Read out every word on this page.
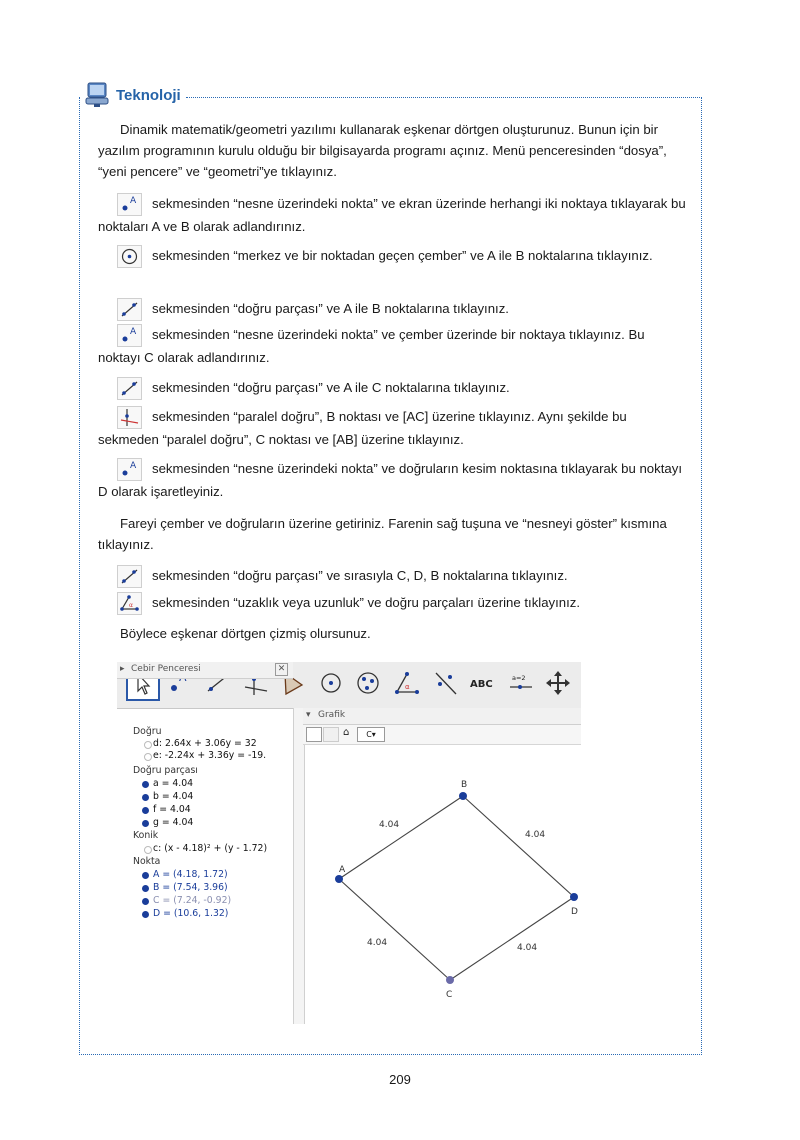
Teknoloji
Dinamik matematik/geometri yazılımı kullanarak eşkenar dörtgen oluşturunuz. Bunun için bir yazılım programının kurulu olduğu bir bilgisayarda programı açınız. Menü penceresinden “dosya”, “yeni pencere” ve “geometri”ye tıklayınız.
A sekmesinden “nesne üzerindeki nokta” ve ekran üzerinde herhangi iki noktaya tıklayarak bu noktaları A ve B olarak adlandırınız.
sekmesinden “merkez ve bir noktadan geçen çember” ve A ile B noktalarına tıklayınız.
sekmesinden “doğru parçası” ve A ile B noktalarına tıklayınız.
A sekmesinden “nesne üzerindeki nokta” ve çember üzerinde bir noktaya tıklayınız. Bu noktayı C olarak adlandırınız.
sekmesinden “doğru parçası” ve A ile C noktalarına tıklayınız.
sekmesinden “paralel doğru”, B noktası ve [AC] üzerine tıklayınız. Aynı şekilde bu sekmeden “paralel doğru”, C noktası ve [AB] üzerine tıklayınız.
A sekmesinden “nesne üzerindeki nokta” ve doğruların kesim noktasına tıklayarak bu noktayı D olarak işaretleyiniz.
Fareyi çember ve doğruların üzerine getiriniz. Farenin sağ tuşuna ve “nesneyi göster” kısmına tıklayınız.
sekmesinden “doğru parçası” ve sırasıyla C, D, B noktalarına tıklayınız.
α sekmesinden “uzaklık veya uzunluk” ve doğru parçaları üzerine tıklayınız.
Böylece eşkenar dörtgen çizmiş olursunuz.
α	ABC
a=2
▸ Cebir Penceresi	✕
▾ Grafik
⌂	C▾
Doğru
d: 2.64x + 3.06y = 32
e: -2.24x + 3.36y = -19.
Doğru parçası
a = 4.04
b = 4.04
f = 4.04
g = 4.04
Konik
c: (x - 4.18)² + (y - 1.72)
Nokta
A = (4.18, 1.72)
B = (7.54, 3.96)
C = (7.24, -0.92)
D = (10.6, 1.32)
A
B
C
D
4.04
4.04
4.04	4.04
209
